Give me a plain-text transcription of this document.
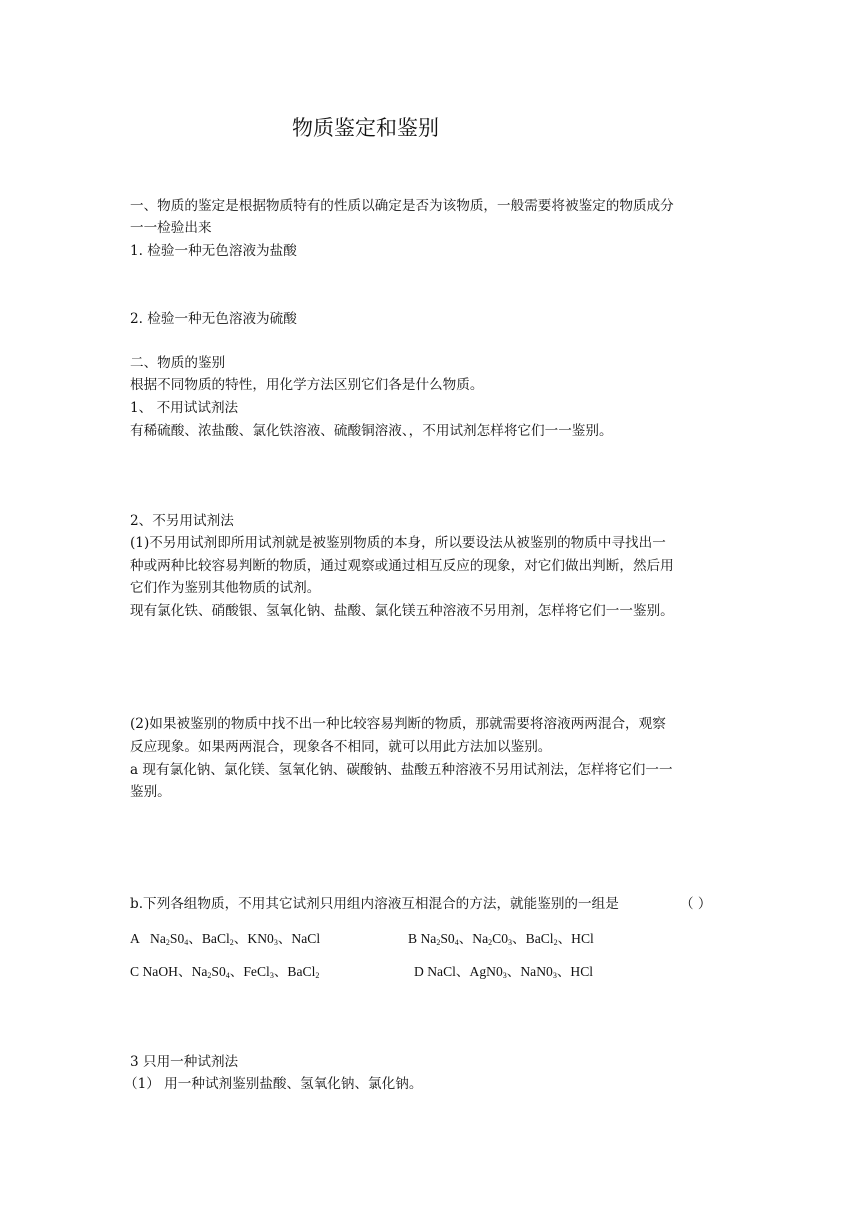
物质鉴定和鉴别

一、物质的鉴定是根据物质特有的性质以确定是否为该物质，一般需要将被鉴定的物质成分

一一检验出来

1. 检验一种无色溶液为盐酸

2. 检验一种无色溶液为硫酸

二、物质的鉴别

根据不同物质的特性，用化学方法区别它们各是什么物质。

1、 不用试试剂法

有稀硫酸、浓盐酸、氯化铁溶液、硫酸铜溶液、，不用试剂怎样将它们一一鉴别。

2、不另用试剂法

(1)不另用试剂即所用试剂就是被鉴别物质的本身，所以要设法从被鉴别的物质中寻找出一

种或两种比较容易判断的物质，通过观察或通过相互反应的现象，对它们做出判断，然后用

它们作为鉴别其他物质的试剂。

现有氯化铁、硝酸银、氢氧化钠、盐酸、氯化镁五种溶液不另用剂，怎样将它们一一鉴别。

(2)如果被鉴别的物质中找不出一种比较容易判断的物质，那就需要将溶液两两混合，观察

反应现象。如果两两混合，现象各不相同，就可以用此方法加以鉴别。

a 现有氯化钠、氯化镁、氢氧化钠、碳酸钠、盐酸五种溶液不另用试剂法，怎样将它们一一

鉴别。

b.下列各组物质，不用其它试剂只用组内溶液互相混合的方法，就能鉴别的一组是	（ ）

A $Na_2S0_4$、BaCl$_2$、$KN0_3$、NaCl	B $Na_2S0_4$、$Na_2C0_3$、BaCl$_2$、HCl

C NaOH、$Na_2S0_4$、FeCl$_3$、BaCl$_2$	D NaCl、$AgN0_3$、$NaN0_3$、HCl

3 只用一种试剂法

（1） 用一种试剂鉴别盐酸、氢氧化钠、氯化钠。
